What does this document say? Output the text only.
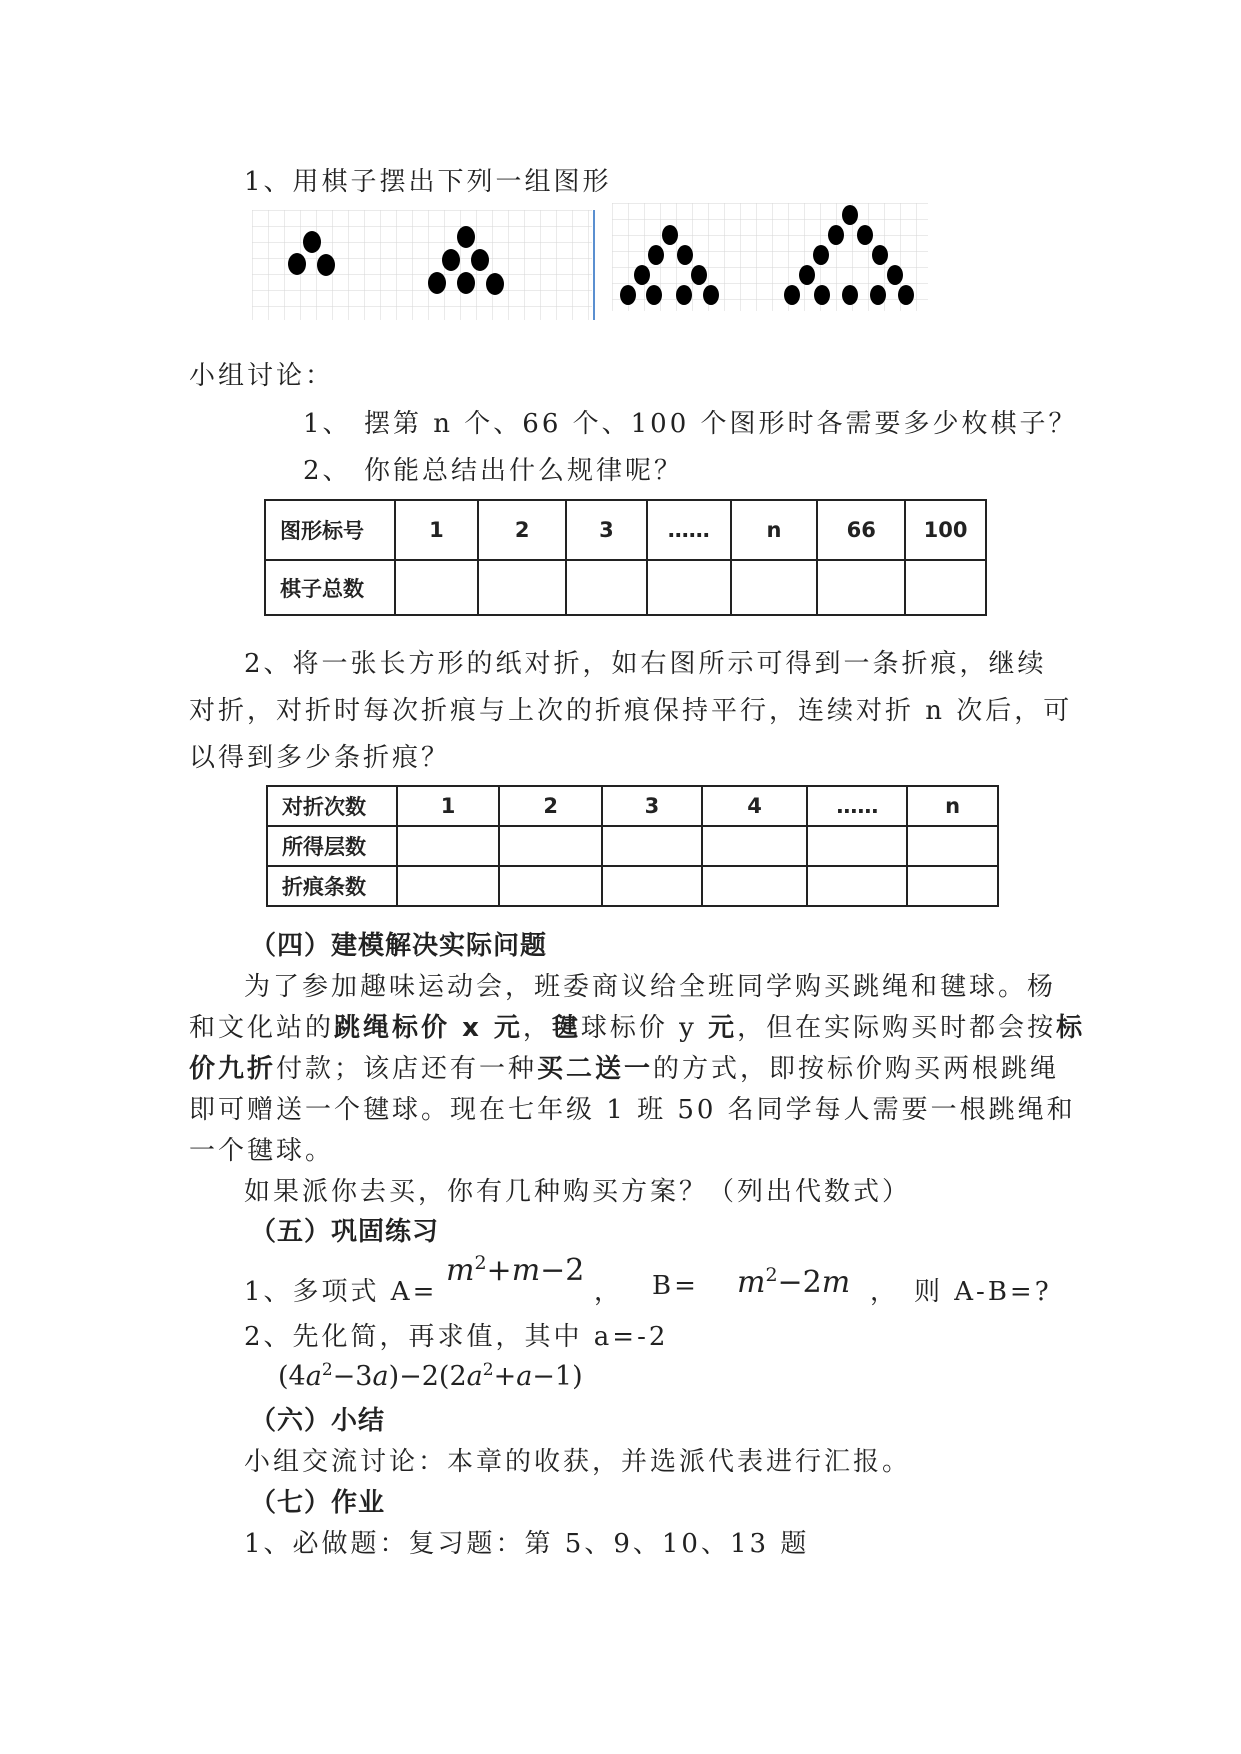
1、用棋子摆出下列一组图形
小组讨论：
1、 摆第 n 个、66 个、100 个图形时各需要多少枚棋子？
2、 你能总结出什么规律呢？
图形标号	1	2	3	……	n	66	100
棋子总数							
2、将一张长方形的纸对折，如右图所示可得到一条折痕，继续
对折，对折时每次折痕与上次的折痕保持平行，连续对折 n 次后，可
以得到多少条折痕？
对折次数	1	2	3	4	……	n
所得层数						
折痕条数						
（四）建模解决实际问题
为了参加趣味运动会，班委商议给全班同学购买跳绳和毽球。杨
和文化站的跳绳标价 x 元，毽球标价 y 元，但在实际购买时都会按标
价九折付款；该店还有一种买二送一的方式，即按标价购买两根跳绳
即可赠送一个毽球。现在七年级 1 班 50 名同学每人需要一根跳绳和
一个毽球。
如果派你去买，你有几种购买方案？（列出代数式）
（五）巩固练习
1、多项式 A=
$m^2+m-2$
， $B= m^2-2m$ ， 则 A-B=?
2、先化简，再求值，其中 a=-2
$(4a^2-3a)-2(2a^2+a-1)$
（六）小结
小组交流讨论：本章的收获，并选派代表进行汇报。
（七）作业
1、必做题：复习题：第 5、9、10、13 题
